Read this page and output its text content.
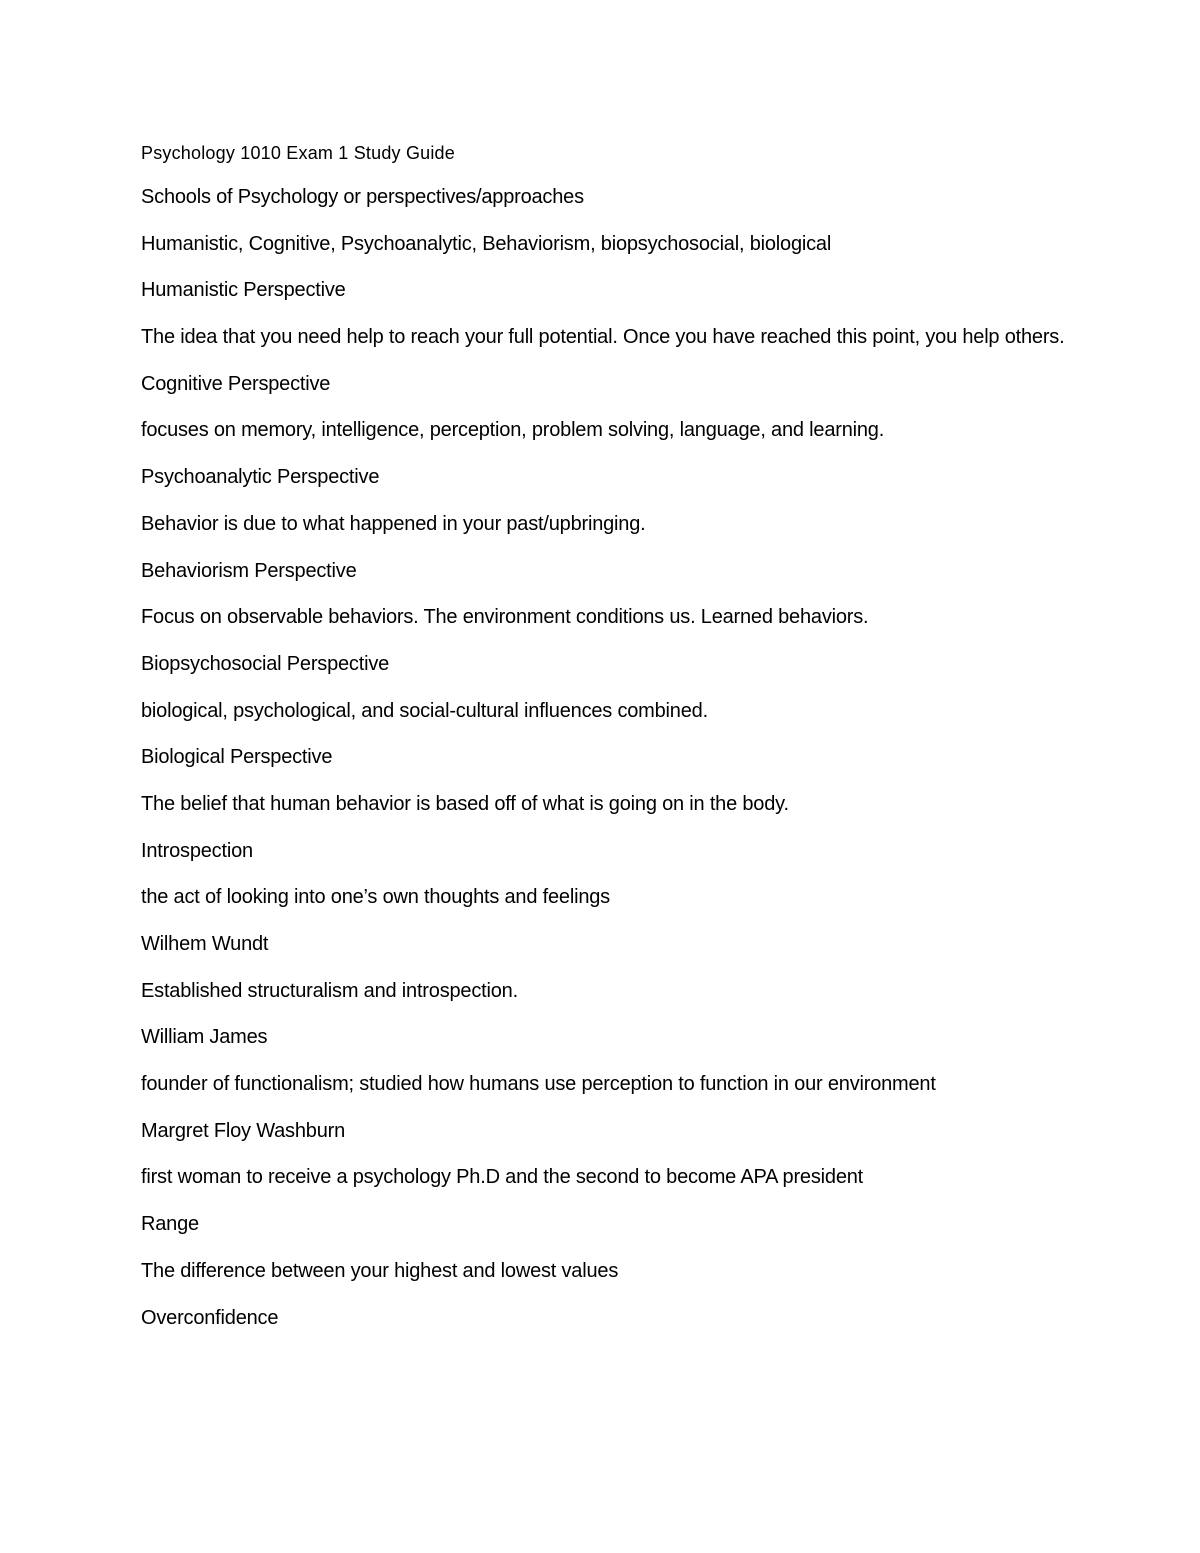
Psychology 1010 Exam 1 Study Guide

Schools of Psychology or perspectives/approaches

Humanistic, Cognitive, Psychoanalytic, Behaviorism, biopsychosocial, biological

Humanistic Perspective

The idea that you need help to reach your full potential. Once you have reached this point, you help others.

Cognitive Perspective

focuses on memory, intelligence, perception, problem solving, language, and learning.

Psychoanalytic Perspective

Behavior is due to what happened in your past/upbringing.

Behaviorism Perspective

Focus on observable behaviors. The environment conditions us. Learned behaviors.

Biopsychosocial Perspective

biological, psychological, and social-cultural influences combined.

Biological Perspective

The belief that human behavior is based off of what is going on in the body.

Introspection

the act of looking into one’s own thoughts and feelings

Wilhem Wundt

Established structuralism and introspection.

William James

founder of functionalism; studied how humans use perception to function in our environment

Margret Floy Washburn

first woman to receive a psychology Ph.D and the second to become APA president

Range

The difference between your highest and lowest values

Overconfidence
